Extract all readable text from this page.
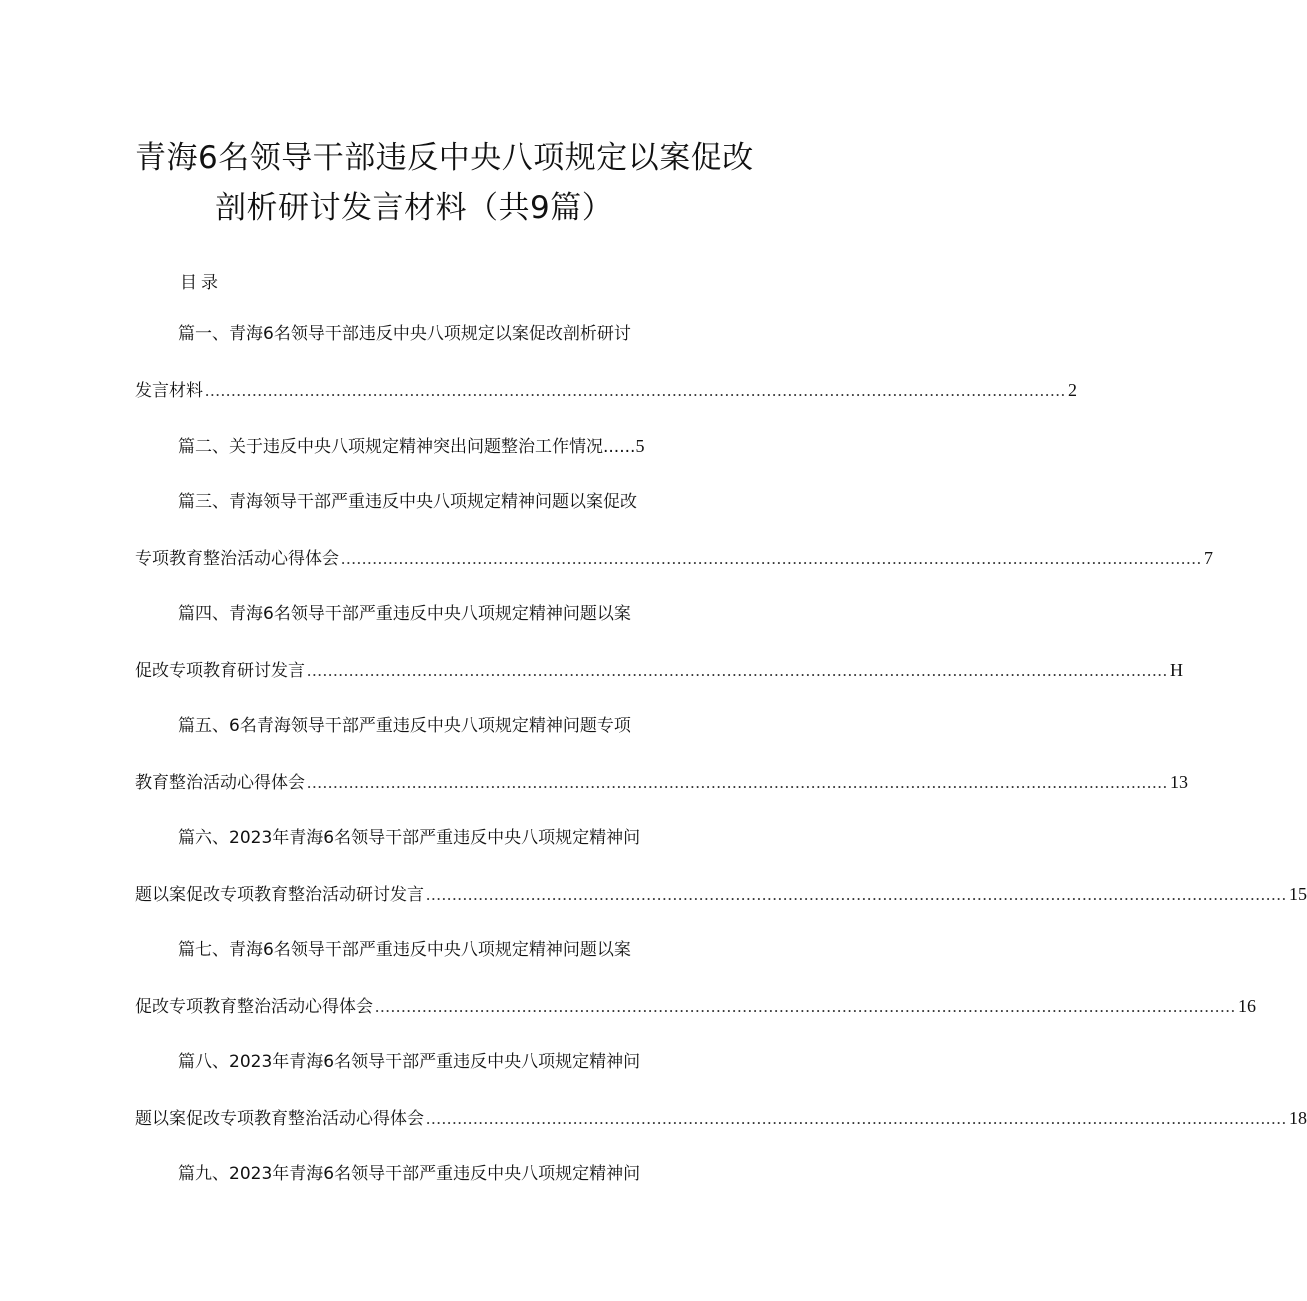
青海6名领导干部违反中央八项规定以案促改
剖析研讨发言材料（共9篇）
目录
篇一、青海6名领导干部违反中央八项规定以案促改剖析研讨
发言材料 .................................................................................................................................................................... 2
篇二、关于违反中央八项规定精神突出问题整治工作情况......5
篇三、青海领导干部严重违反中央八项规定精神问题以案促改
专项教育整治活动心得体会 .................................................................................................................................................................... 7
篇四、青海6名领导干部严重违反中央八项规定精神问题以案
促改专项教育研讨发言 .................................................................................................................................................................... H
篇五、6名青海领导干部严重违反中央八项规定精神问题专项
教育整治活动心得体会 .................................................................................................................................................................... 13
篇六、2023年青海6名领导干部严重违反中央八项规定精神问
题以案促改专项教育整治活动研讨发言 .................................................................................................................................................................... 15
篇七、青海6名领导干部严重违反中央八项规定精神问题以案
促改专项教育整治活动心得体会 .................................................................................................................................................................... 16
篇八、2023年青海6名领导干部严重违反中央八项规定精神问
题以案促改专项教育整治活动心得体会 .................................................................................................................................................................... 18
篇九、2023年青海6名领导干部严重违反中央八项规定精神问
